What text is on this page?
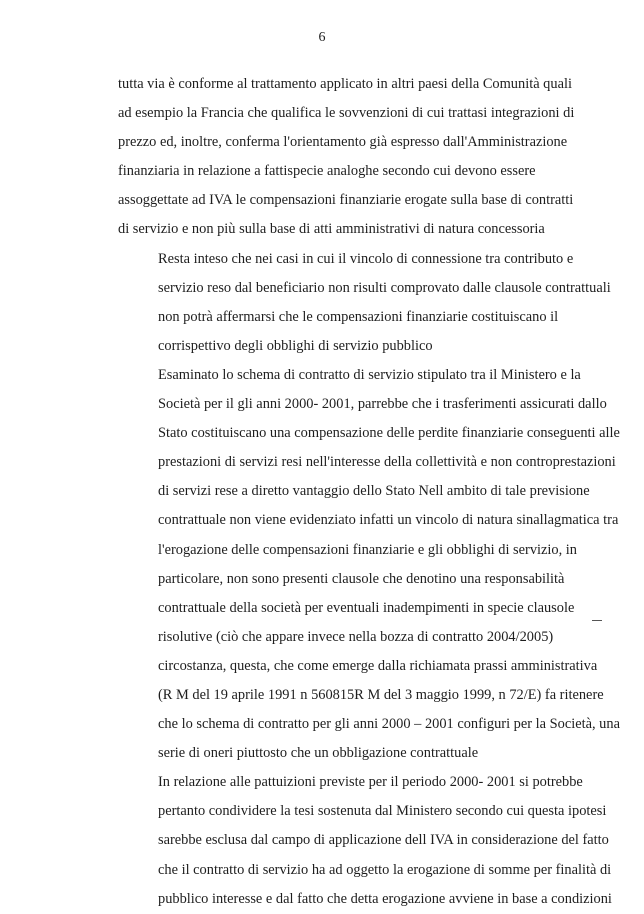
6

tutta via è conforme al trattamento applicato in altri paesi della Comunità quali
ad esempio la Francia che qualifica le sovvenzioni di cui trattasi integrazioni di
prezzo ed, inoltre, conferma l'orientamento già espresso dall'Amministrazione
finanziaria in relazione a fattispecie analoghe secondo cui devono essere
assoggettate ad IVA le compensazioni finanziarie erogate sulla base di contratti
di servizio e non più sulla base di atti amministrativi di natura concessoria

Resta inteso che nei casi in cui il vincolo di connessione tra contributo e
servizio reso dal beneficiario non risulti comprovato dalle clausole contrattuali
non potrà affermarsi che le compensazioni finanziarie costituiscano il
corrispettivo degli obblighi di servizio pubblico

Esaminato lo schema di contratto di servizio stipulato tra il Ministero e la
Società per il gli anni 2000- 2001, parrebbe che i trasferimenti assicurati dallo
Stato costituiscano una compensazione delle perdite finanziarie conseguenti alle
prestazioni di servizi resi nell'interesse della collettività e non controprestazioni
di servizi rese a diretto vantaggio dello Stato Nell ambito di tale previsione
contrattuale non viene evidenziato infatti un vincolo di natura sinallagmatica tra
l'erogazione delle compensazioni finanziarie e gli obblighi di servizio, in
particolare, non sono presenti clausole che denotino una responsabilità
contrattuale della società per eventuali inadempimenti in specie clausole
risolutive (ciò che appare invece nella bozza di contratto 2004/2005)
circostanza, questa, che come emerge dalla richiamata prassi amministrativa
(R M del 19 aprile 1991 n 560815R M del 3 maggio 1999, n 72/E) fa ritenere
che lo schema di contratto per gli anni 2000 – 2001 configuri per la Società, una
serie di oneri piuttosto che un obbligazione contrattuale

In relazione alle pattuizioni previste per il periodo 2000- 2001 si potrebbe
pertanto condividere la tesi sostenuta dal Ministero secondo cui questa ipotesi
sarebbe esclusa dal campo di applicazione dell IVA in considerazione del fatto
che il contratto di servizio ha ad oggetto la erogazione di somme per finalità di
pubblico interesse e dal fatto che detta erogazione avviene in base a condizioni
